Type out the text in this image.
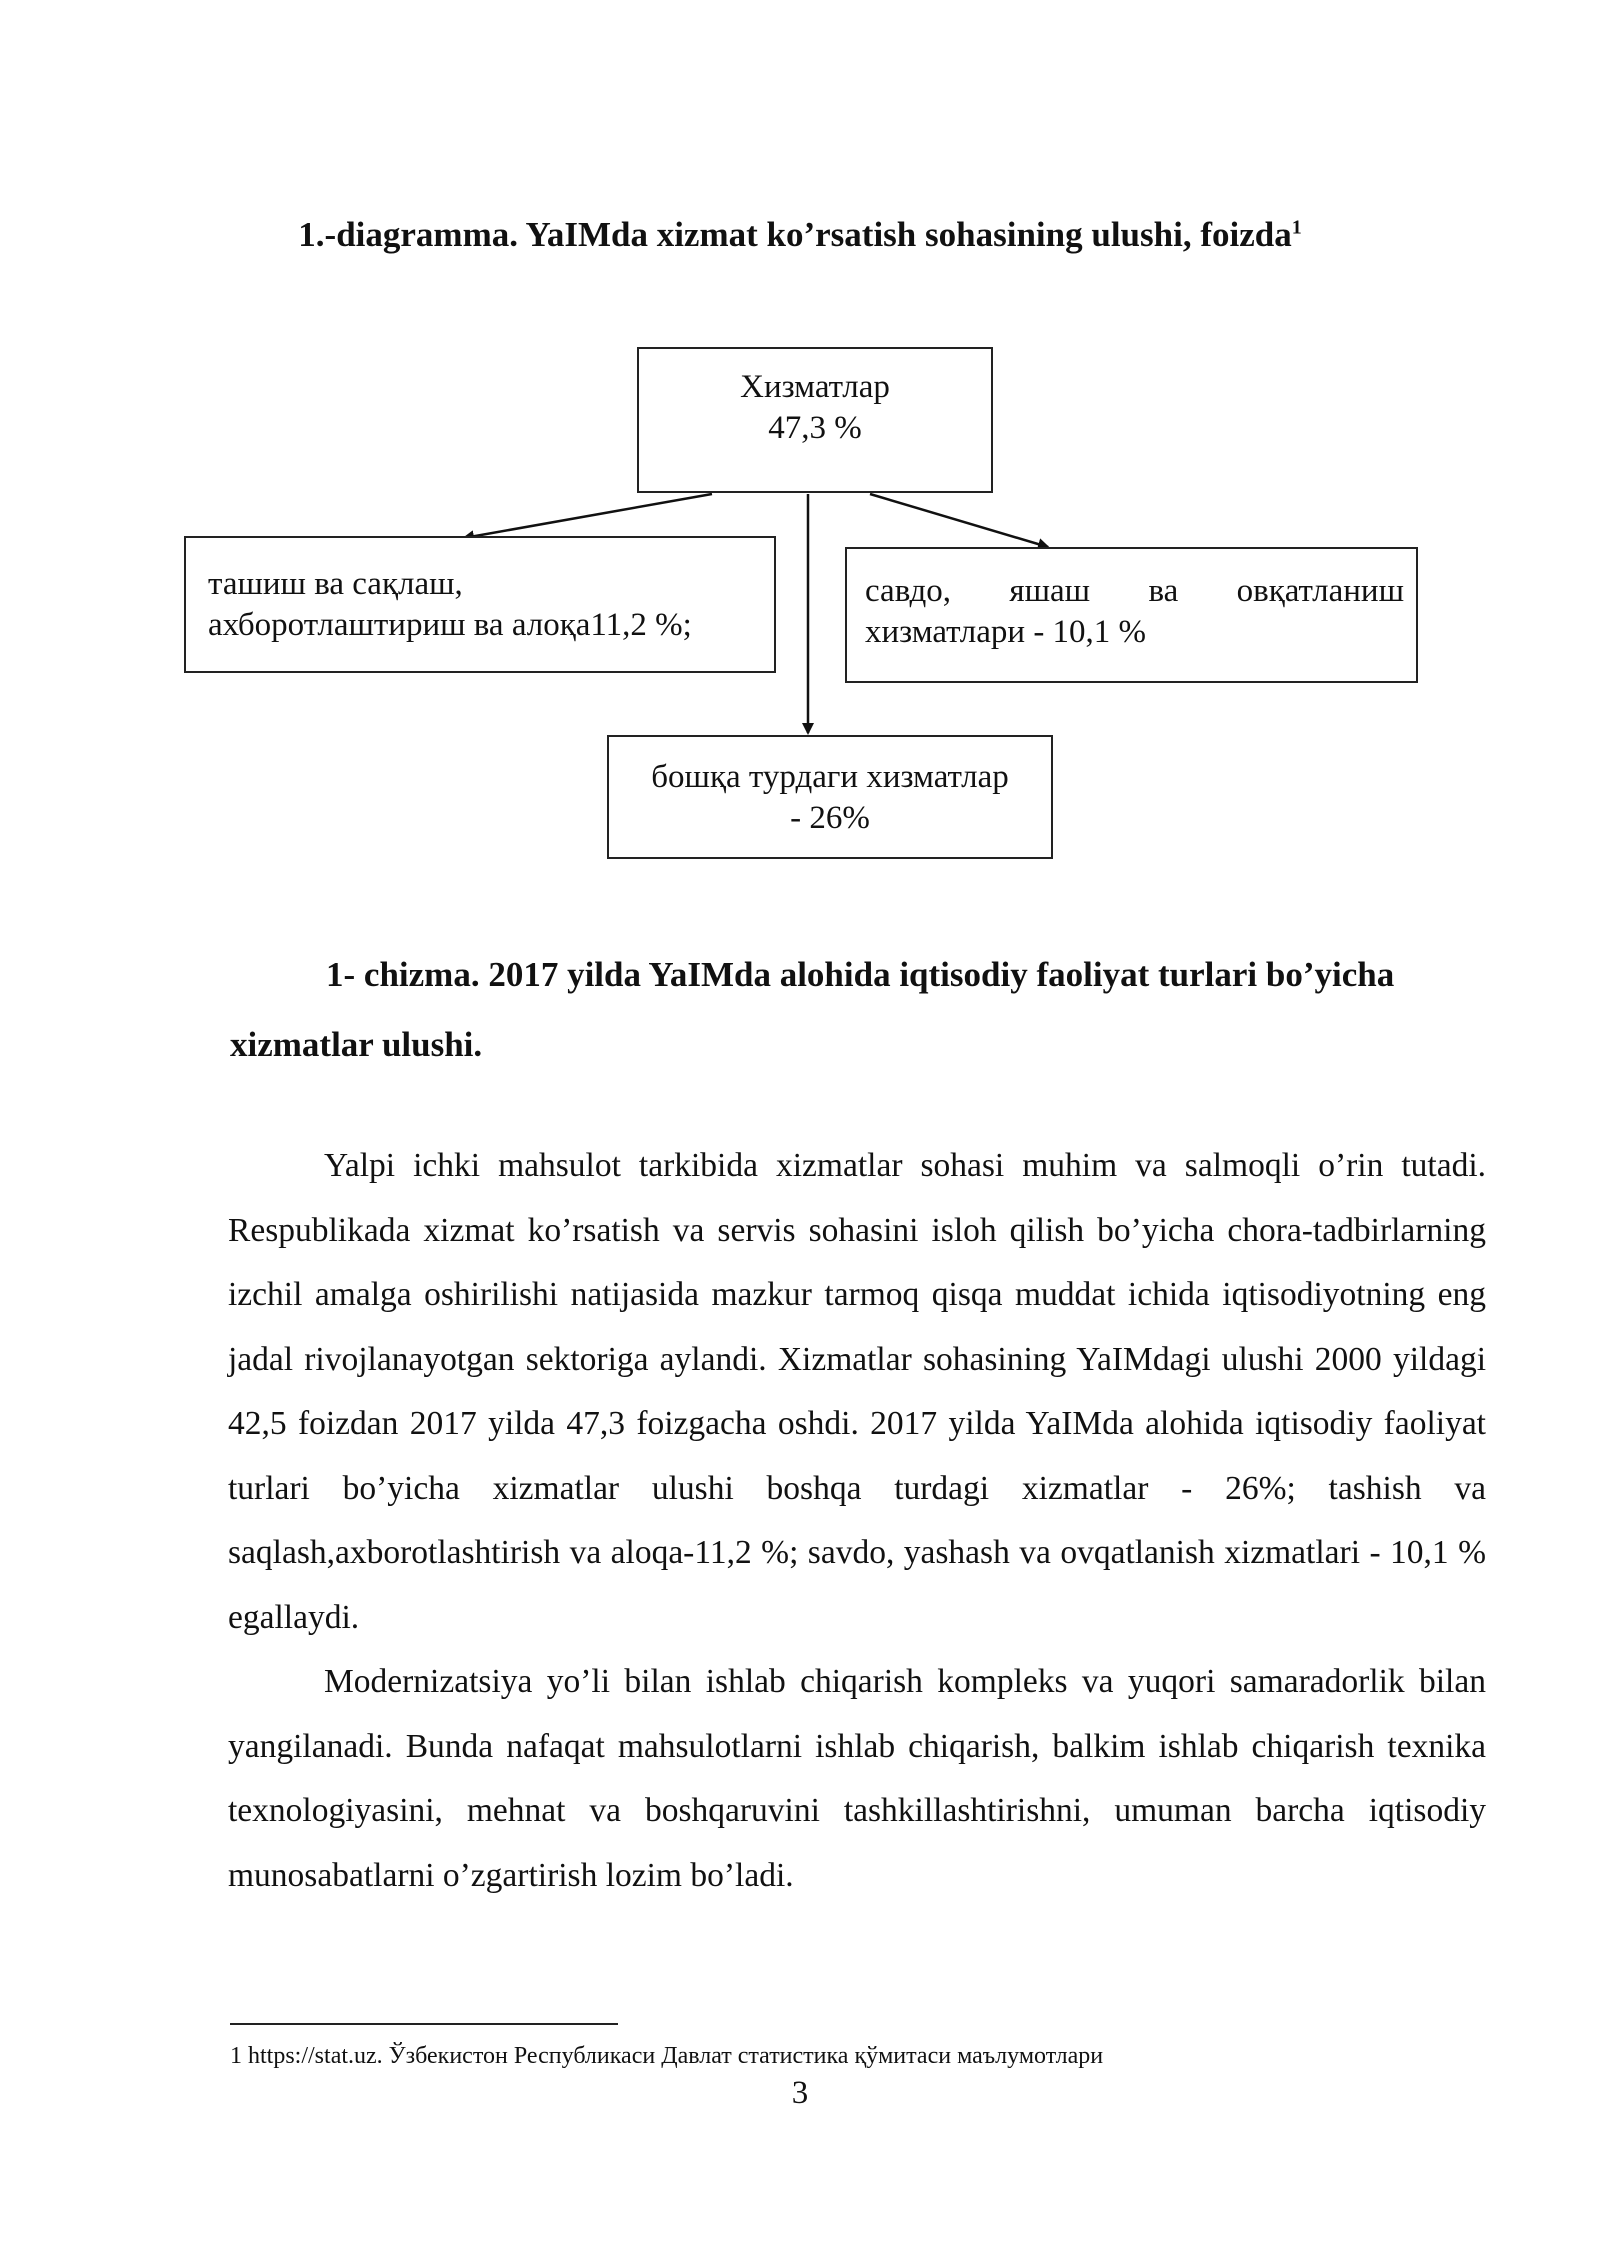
1.-diagramma. YaIMda xizmat ko’rsatish sohasining ulushi, foizda$^1$
Хизматлар
47,3 %
ташиш ва сақлаш,
ахборотлаштириш ва алоқа11,2 %;
савдо, яшаш ва овқатланиш
хизматлари - 10,1 %
бошқа турдаги хизматлар
- 26%
1- chizma. 2017 yilda YaIMda alohida iqtisodiy faoliyat turlari bo’yicha
xizmatlar ulushi.

Yalpi ichki mahsulot tarkibida xizmatlar sohasi muhim va salmoqli o’rin tutadi. Respublikada xizmat ko’rsatish va servis sohasini isloh qilish bo’yicha chora-tadbirlarning izchil amalga oshirilishi natijasida mazkur tarmoq qisqa muddat ichida iqtisodiyotning eng jadal rivojlanayotgan sektoriga aylandi. Xizmatlar sohasining YaIMdagi ulushi 2000 yildagi 42,5 foizdan 2017 yilda 47,3 foizgacha oshdi. 2017 yilda YaIMda alohida iqtisodiy faoliyat turlari bo’yicha xizmatlar ulushi boshqa turdagi xizmatlar - 26%; tashish va saqlash,axborotlashtirish va aloqa-11,2 %; savdo, yashash va ovqatlanish xizmatlari - 10,1 % egallaydi.

Modernizatsiya yo’li bilan ishlab chiqarish kompleks va yuqori samaradorlik bilan yangilanadi. Bunda nafaqat mahsulotlarni ishlab chiqarish, balkim ishlab chiqarish texnika texnologiyasini, mehnat va boshqaruvini tashkillashtirishni, umuman barcha iqtisodiy munosabatlarni o’zgartirish lozim bo’ladi.

1 https://stat.uz. Ўзбекистон Республикаси Давлат статистика қўмитаси маълумотлари
3
